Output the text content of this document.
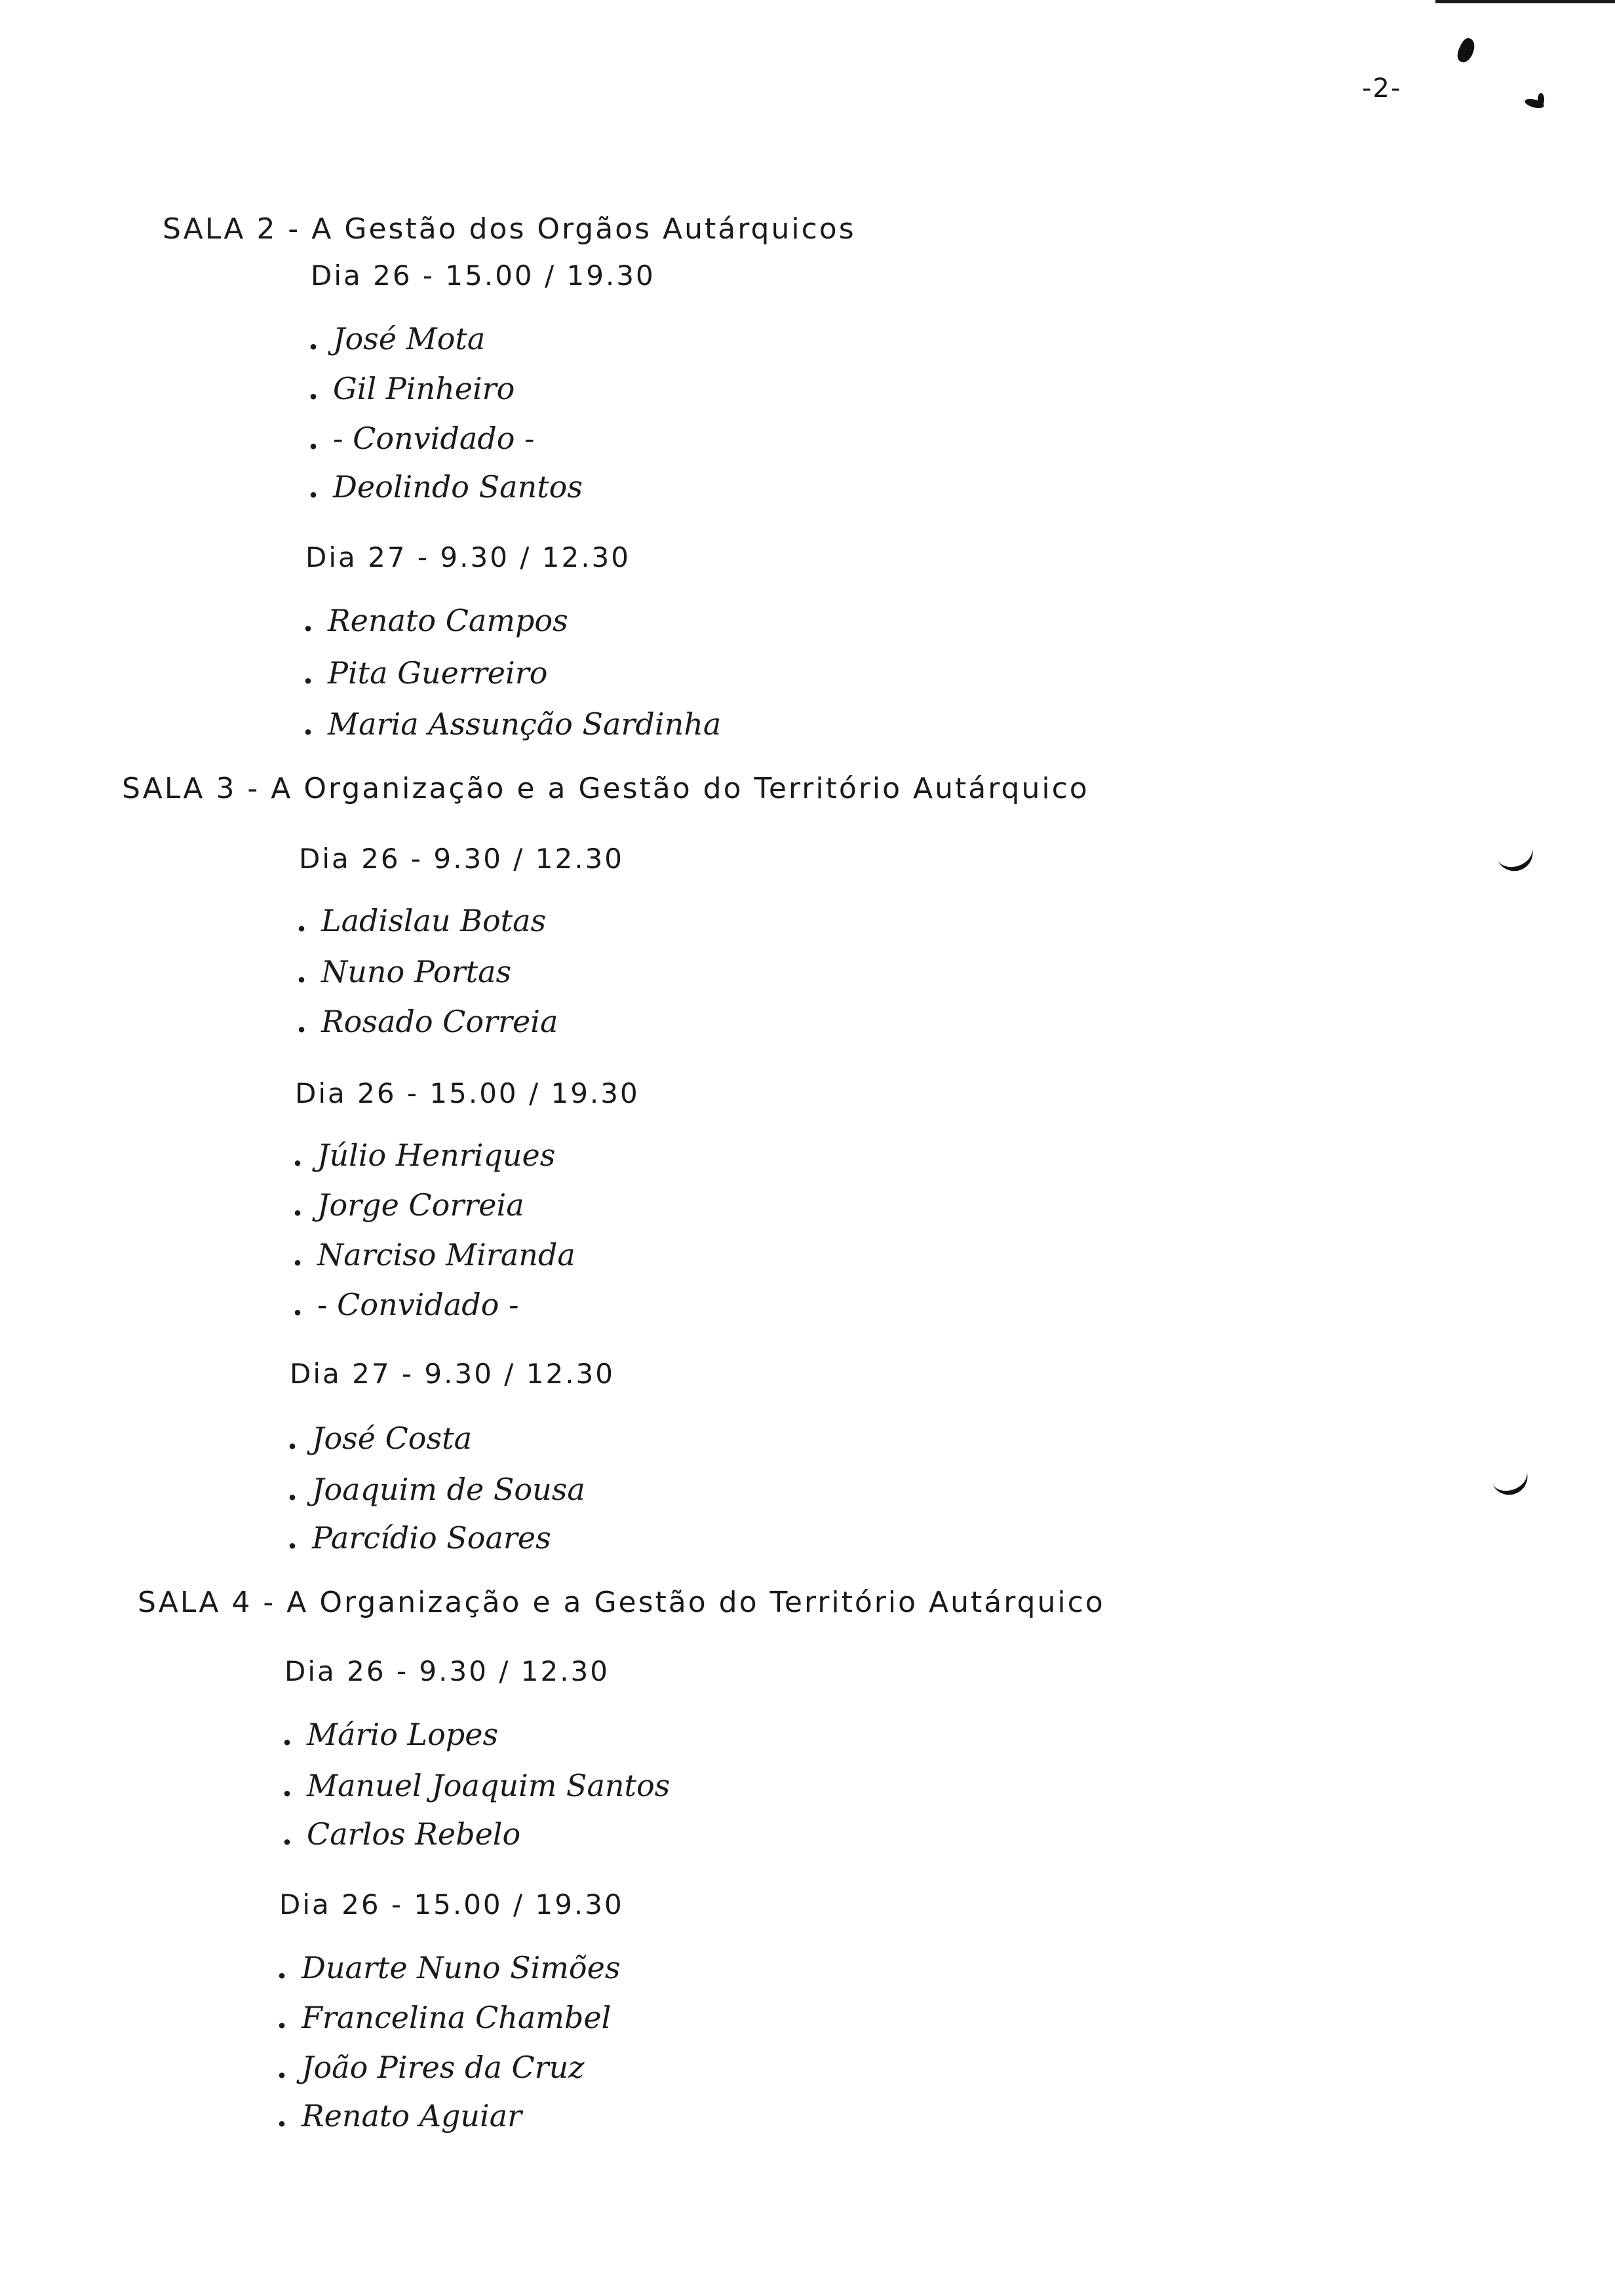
-2-
SALA 2 - A Gestão dos Orgãos Autárquicos
Dia 26 - 15.00 / 19.30
. José Mota
. Gil Pinheiro
. - Convidado -
. Deolindo Santos
Dia 27 - 9.30 / 12.30
. Renato Campos
. Pita Guerreiro
. Maria Assunção Sardinha
SALA 3 - A Organização e a Gestão do Território Autárquico
Dia 26 - 9.30 / 12.30
. Ladislau Botas
. Nuno Portas
. Rosado Correia
Dia 26 - 15.00 / 19.30
. Júlio Henriques
. Jorge Correia
. Narciso Miranda
. - Convidado -
Dia 27 - 9.30 / 12.30
. José Costa
. Joaquim de Sousa
. Parcídio Soares
SALA 4 - A Organização e a Gestão do Território Autárquico
Dia 26 - 9.30 / 12.30
. Mário Lopes
. Manuel Joaquim Santos
. Carlos Rebelo
Dia 26 - 15.00 / 19.30
. Duarte Nuno Simões
. Francelina Chambel
. João Pires da Cruz
. Renato Aguiar
